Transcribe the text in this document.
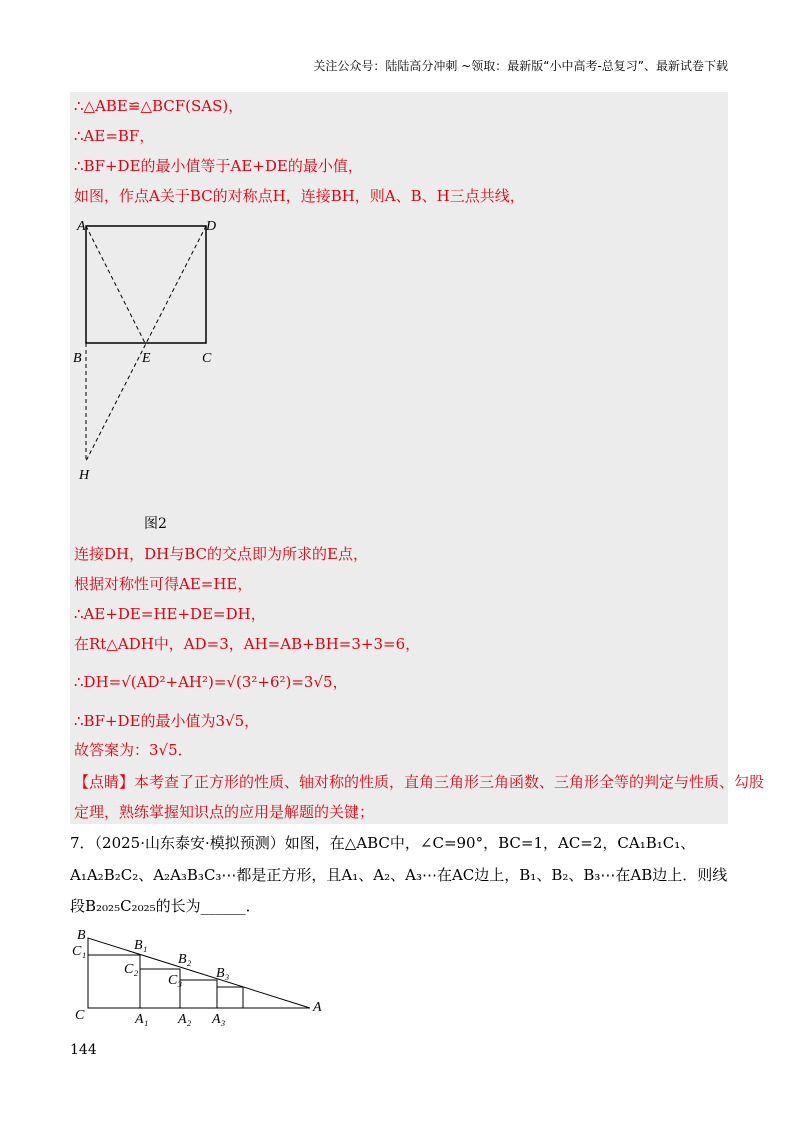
关注公众号：陆陆高分冲刺 ~领取：最新版“小中高考-总复习”、最新试卷下载
∴△ABE≌△BCF(SAS)，
∴AE=BF，
∴BF+DE的最小值等于AE+DE的最小值，
如图，作点A关于BC的对称点H，连接BH，则A、B、H三点共线，
A	D
B	E	C
H
图2
连接DH，DH与BC的交点即为所求的E点，
根据对称性可得AE=HE，
∴AE+DE=HE+DE=DH，
在Rt△ADH中，AD=3，AH=AB+BH=3+3=6，
∴DH=√(AD²+AH²)=√(3²+6²)=3√5，
∴BF+DE的最小值为3√5，
故答案为：3√5．
【点睛】本考查了正方形的性质、轴对称的性质，直角三角形三角函数、三角形全等的判定与性质、勾股
定理，熟练掌握知识点的应用是解题的关键；
7．（2025·山东泰安·模拟预测）如图，在△ABC中，∠C=90°，BC=1，AC=2，CA₁B₁C₁、
A₁A₂B₂C₂、A₂A₃B₃C₃⋯都是正方形，且A₁、A₂、A₃⋯在AC边上，B₁、B₂、B₃⋯在AB边上．则线
段B₂₀₂₅C₂₀₂₅的长为______．
B
C₁	B₁
C₂
B₂
C₃ B₃
A
C	A₁ A₂ A₃
144
